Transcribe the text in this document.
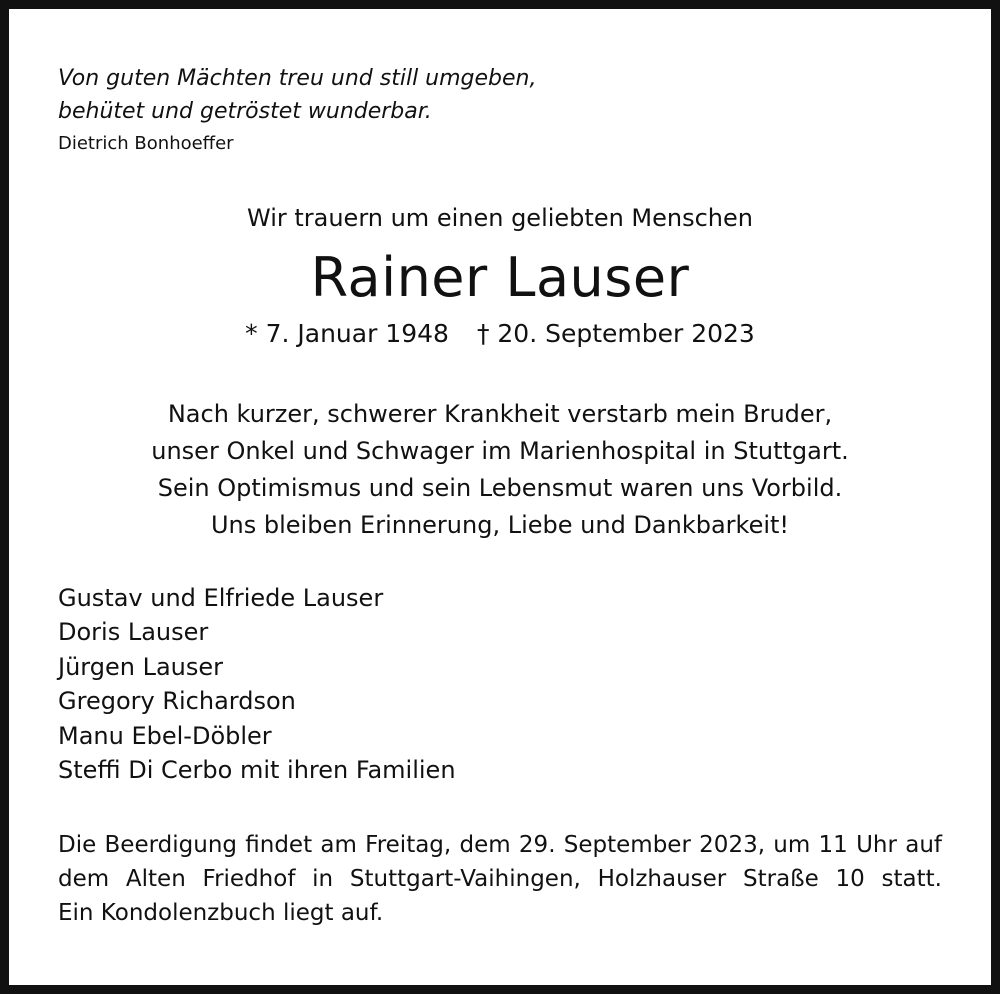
Von guten Mächten treu und still umgeben,
behütet und getröstet wunderbar.
Dietrich Bonhoeffer
Wir trauern um einen geliebten Menschen
Rainer Lauser
* 7. Januar 1948 † 20. September 2023
Nach kurzer, schwerer Krankheit verstarb mein Bruder,
unser Onkel und Schwager im Marienhospital in Stuttgart.
Sein Optimismus und sein Lebensmut waren uns Vorbild.
Uns bleiben Erinnerung, Liebe und Dankbarkeit!
Gustav und Elfriede Lauser
Doris Lauser
Jürgen Lauser
Gregory Richardson
Manu Ebel-Döbler
Steffi Di Cerbo mit ihren Familien
Die Beerdigung findet am Freitag, dem 29. September 2023, um 11 Uhr auf
dem Alten Friedhof in Stuttgart-Vaihingen, Holzhauser Straße 10 statt.
Ein Kondolenzbuch liegt auf.
